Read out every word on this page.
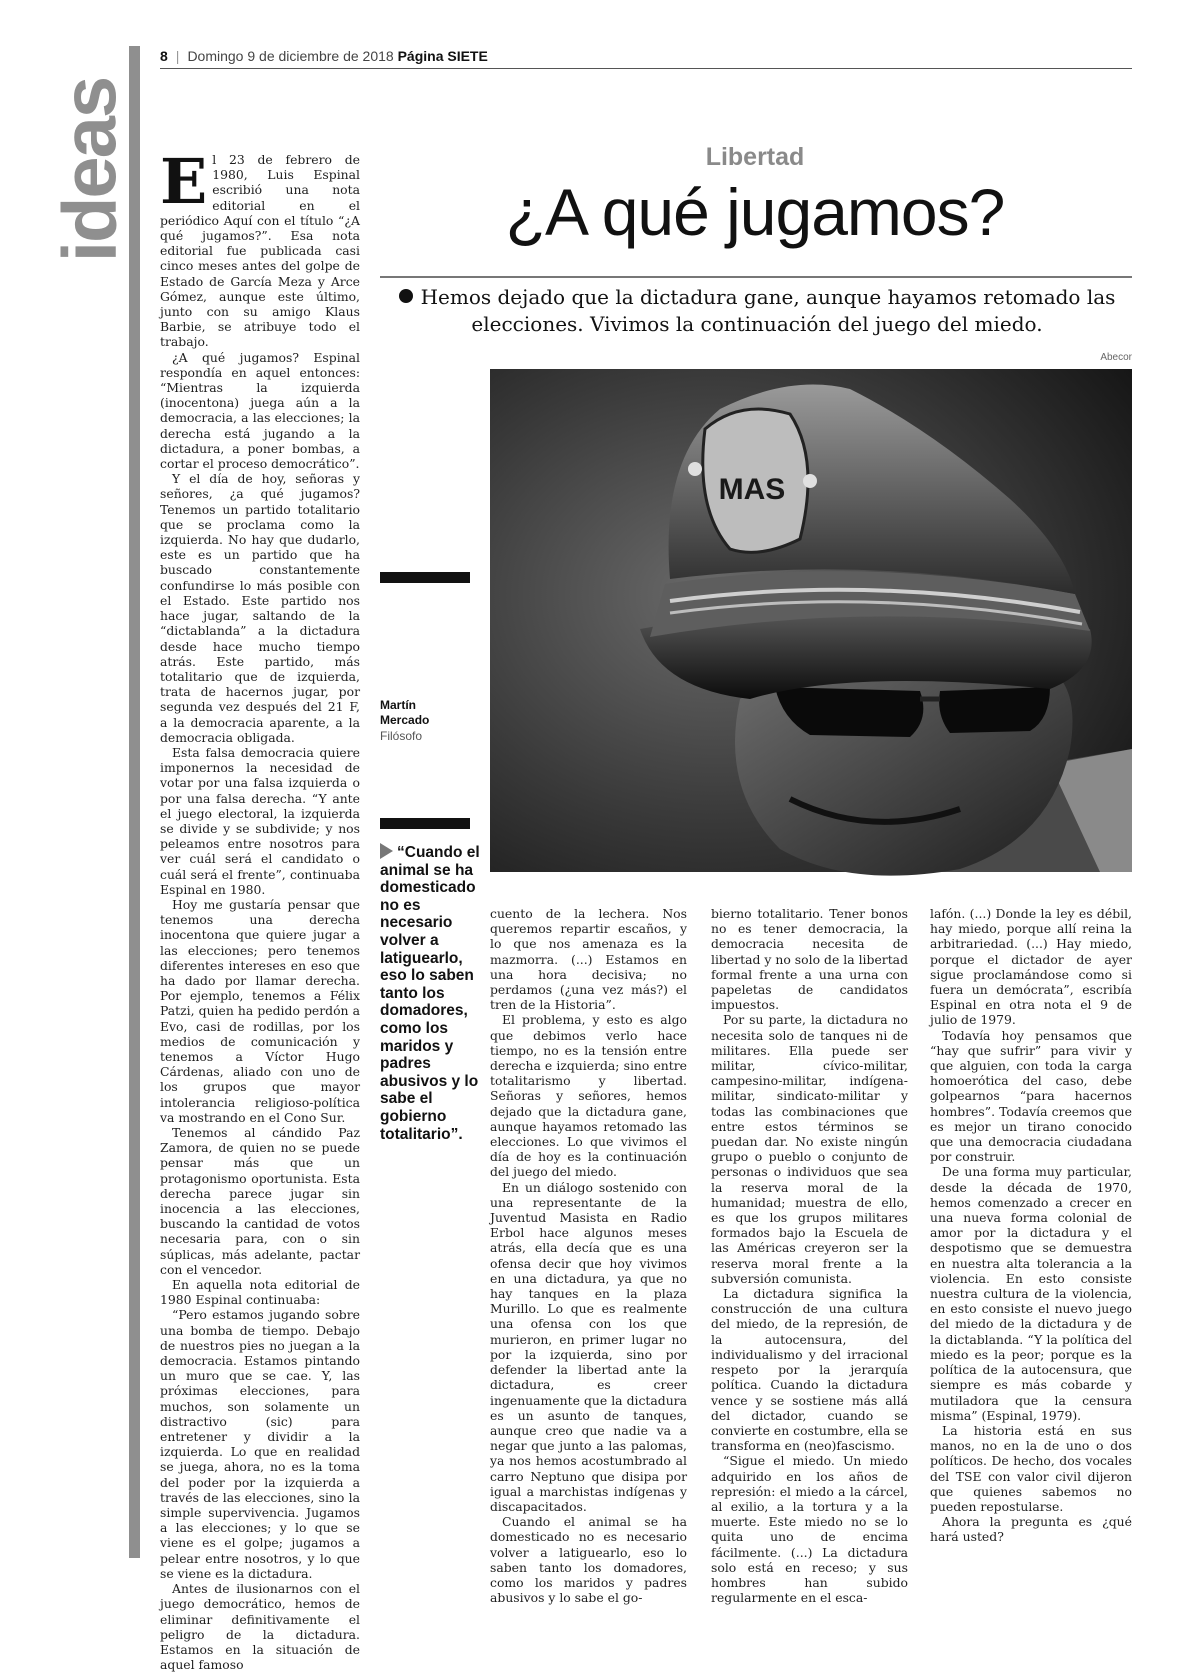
ideas
8 | Domingo 9 de diciembre de 2018 Página SIETE
Libertad
¿A qué jugamos?
Hemos dejado que la dictadura gane, aunque hayamos retomado las elecciones. Vivimos la continuación del juego del miedo.
Abecor
MAS
Martín
Mercado
Filósofo
“Cuando el animal se ha domesticado no es necesario volver a latiguearlo, eso lo saben tanto los domadores, como los maridos y padres abusivos y lo sabe el gobierno totalitario”.

El 23 de febrero de 1980, Luis Espinal escribió una nota editorial en el periódico Aquí con el título “¿A qué jugamos?”. Esa nota editorial fue publicada casi cinco meses antes del golpe de Estado de García Meza y Arce Gómez, aunque este último, junto con su amigo Klaus Barbie, se atribuye todo el trabajo.

¿A qué jugamos? Espinal respondía en aquel entonces: “Mientras la izquierda (inocentona) juega aún a la democracia, a las elecciones; la derecha está jugando a la dictadura, a poner bombas, a cortar el proceso democrático”.

Y el día de hoy, señoras y señores, ¿a qué jugamos? Tenemos un partido totalitario que se proclama como la izquierda. No hay que dudarlo, este es un partido que ha buscado constantemente confundirse lo más posible con el Estado. Este partido nos hace jugar, saltando de la “dictablanda” a la dictadura desde hace mucho tiempo atrás. Este partido, más totalitario que de izquierda, trata de hacernos jugar, por segunda vez después del 21 F, a la democracia aparente, a la democracia obligada.

Esta falsa democracia quiere imponernos la necesidad de votar por una falsa izquierda o por una falsa derecha. “Y ante el juego electoral, la izquierda se divide y se subdivide; y nos peleamos entre nosotros para ver cuál será el candidato o cuál será el frente”, continuaba Espinal en 1980.

Hoy me gustaría pensar que tenemos una derecha inocentona que quiere jugar a las elecciones; pero tenemos diferentes intereses en eso que ha dado por llamar derecha. Por ejemplo, tenemos a Félix Patzi, quien ha pedido perdón a Evo, casi de rodillas, por los medios de comunicación y tenemos a Víctor Hugo Cárdenas, aliado con uno de los grupos que mayor intolerancia religioso-política va mostrando en el Cono Sur.

Tenemos al cándido Paz Zamora, de quien no se puede pensar más que un protagonismo oportunista. Esta derecha parece jugar sin inocencia a las elecciones, buscando la cantidad de votos necesaria para, con o sin súplicas, más adelante, pactar con el vencedor.

En aquella nota editorial de 1980 Espinal continuaba:

“Pero estamos jugando sobre una bomba de tiempo. Debajo de nuestros pies no juegan a la democracia. Estamos pintando un muro que se cae. Y, las próximas elecciones, para muchos, son solamente un distractivo (sic) para entretener y dividir a la izquierda. Lo que en realidad se juega, ahora, no es la toma del poder por la izquierda a través de las elecciones, sino la simple supervivencia. Jugamos a las elecciones; y lo que se viene es el golpe; jugamos a pelear entre nosotros, y lo que se viene es la dictadura.

Antes de ilusionarnos con el juego democrático, hemos de eliminar definitivamente el peligro de la dictadura. Estamos en la situación de aquel famoso

cuento de la lechera. Nos queremos repartir escaños, y lo que nos amenaza es la mazmorra. (...) Estamos en una hora decisiva; no perdamos (¿una vez más?) el tren de la Historia”.

El problema, y esto es algo que debimos verlo hace tiempo, no es la tensión entre derecha e izquierda; sino entre totalitarismo y libertad. Señoras y señores, hemos dejado que la dictadura gane, aunque hayamos retomado las elecciones. Lo que vivimos el día de hoy es la continuación del juego del miedo.

En un diálogo sostenido con una representante de la Juventud Masista en Radio Erbol hace algunos meses atrás, ella decía que es una ofensa decir que hoy vivimos en una dictadura, ya que no hay tanques en la plaza Murillo. Lo que es realmente una ofensa con los que murieron, en primer lugar no por la izquierda, sino por defender la libertad ante la dictadura, es creer ingenuamente que la dictadura es un asunto de tanques, aunque creo que nadie va a negar que junto a las palomas, ya nos hemos acostumbrado al carro Neptuno que disipa por igual a marchistas indígenas y discapacitados.

Cuando el animal se ha domesticado no es necesario volver a latiguearlo, eso lo saben tanto los domadores, como los maridos y padres abusivos y lo sabe el go-

bierno totalitario. Tener bonos no es tener democracia, la democracia necesita de libertad y no solo de la libertad formal frente a una urna con papeletas de candidatos impuestos.

Por su parte, la dictadura no necesita solo de tanques ni de militares. Ella puede ser militar, cívico-militar, campesino-militar, indígena-militar, sindicato-militar y todas las combinaciones que entre estos términos se puedan dar. No existe ningún grupo o pueblo o conjunto de personas o individuos que sea la reserva moral de la humanidad; muestra de ello, es que los grupos militares formados bajo la Escuela de las Américas creyeron ser la reserva moral frente a la subversión comunista.

La dictadura significa la construcción de una cultura del miedo, de la represión, de la autocensura, del individualismo y del irracional respeto por la jerarquía política. Cuando la dictadura vence y se sostiene más allá del dictador, cuando se convierte en costumbre, ella se transforma en (neo)fascismo.

“Sigue el miedo. Un miedo adquirido en los años de represión: el miedo a la cárcel, al exilio, a la tortura y a la muerte. Este miedo no se lo quita uno de encima fácilmente. (...) La dictadura solo está en receso; y sus hombres han subido regularmente en el esca-

lafón. (...) Donde la ley es débil, hay miedo, porque allí reina la arbitrariedad. (...) Hay miedo, porque el dictador de ayer sigue proclamándose como si fuera un demócrata”, escribía Espinal en otra nota el 9 de julio de 1979.

Todavía hoy pensamos que “hay que sufrir” para vivir y que alguien, con toda la carga homoerótica del caso, debe golpearnos “para hacernos hombres”. Todavía creemos que es mejor un tirano conocido que una democracia ciudadana por construir.

De una forma muy particular, desde la década de 1970, hemos comenzado a crecer en una nueva forma colonial de amor por la dictadura y el despotismo que se demuestra en nuestra alta tolerancia a la violencia. En esto consiste nuestra cultura de la violencia, en esto consiste el nuevo juego del miedo de la dictadura y de la dictablanda. “Y la política del miedo es la peor; porque es la política de la autocensura, que siempre es más cobarde y mutiladora que la censura misma” (Espinal, 1979).

La historia está en sus manos, no en la de uno o dos políticos. De hecho, dos vocales del TSE con valor civil dijeron que quienes sabemos no pueden repostularse.

Ahora la pregunta es ¿qué hará usted?
